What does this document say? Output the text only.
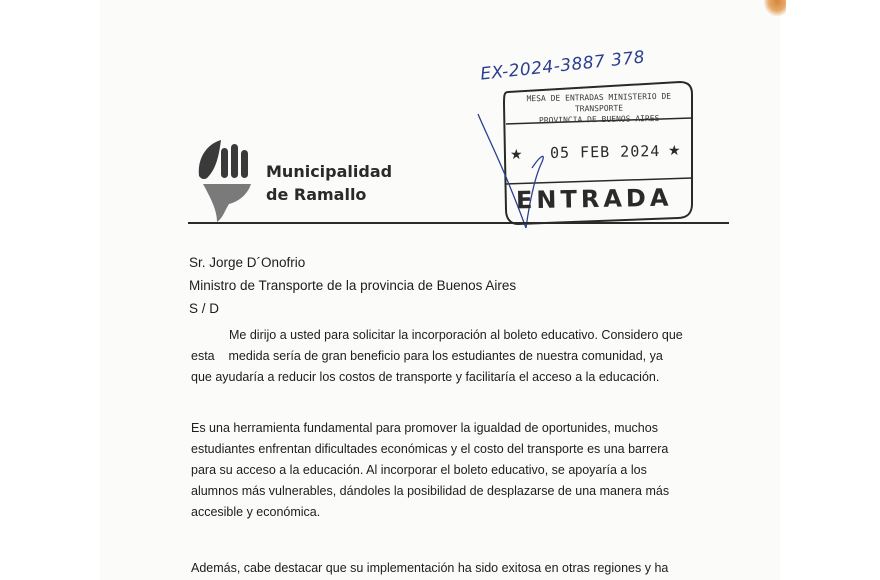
EX-2024-3887 378
Municipalidad
de Ramallo
MESA DE ENTRADAS MINISTERIO DE TRANSPORTE
PROVINCIA DE BUENOS AIRES
★ 05 FEB 2024 ★
ENTRADA
Sr. Jorge D´Onofrio
Ministro de Transporte de la provincia de Buenos Aires
S / D
Me dirijo a usted para solicitar la incorporación al boleto educativo. Considero que
esta    medida sería de gran beneficio para los estudiantes de nuestra comunidad, ya
que ayudaría a reducir los costos de transporte y facilitaría el acceso a la educación.
Es una herramienta fundamental para promover la igualdad de oportunides, muchos
estudiantes enfrentan dificultades económicas y el costo del transporte es una barrera
para su acceso a la educación. Al incorporar el boleto educativo, se apoyaría a los
alumnos más vulnerables, dándoles la posibilidad de desplazarse de una manera más
accesible y económica.
Además, cabe destacar que su implementación ha sido exitosa en otras regiones y ha
